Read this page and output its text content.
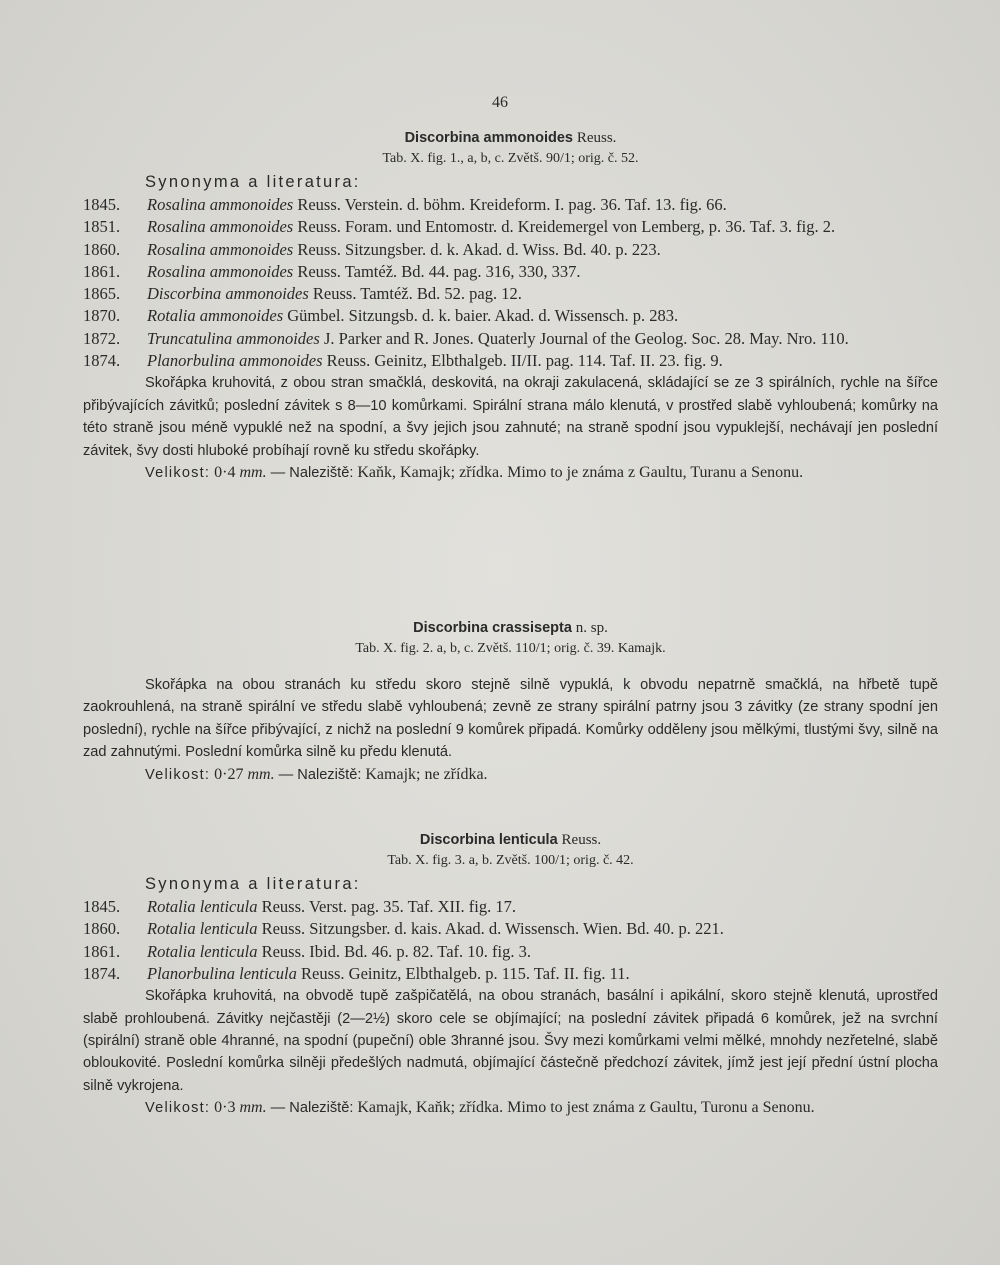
46
Discorbina ammonoides Reuss.
Tab. X. fig. 1., a, b, c. Zvětš. 90/1; orig. č. 52.
Synonyma a literatura:
1845.	Rosalina ammonoides Reuss. Verstein. d. böhm. Kreideform. I. pag. 36. Taf. 13. fig. 66.
1851.	Rosalina ammonoides Reuss. Foram. und Entomostr. d. Kreidemergel von Lemberg, p. 36. Taf. 3. fig. 2.
1860.	Rosalina ammonoides Reuss. Sitzungsber. d. k. Akad. d. Wiss. Bd. 40. p. 223.
1861.	Rosalina ammonoides Reuss. Tamtéž. Bd. 44. pag. 316, 330, 337.
1865.	Discorbina ammonoides Reuss. Tamtéž. Bd. 52. pag. 12.
1870.	Rotalia ammonoides Gümbel. Sitzungsb. d. k. baier. Akad. d. Wissensch. p. 283.
1872.	Truncatulina ammonoides J. Parker and R. Jones. Quaterly Journal of the Geolog. Soc. 28. May. Nro. 110.
1874.	Planorbulina ammonoides Reuss. Geinitz, Elbthalgeb. II/II. pag. 114. Taf. II. 23. fig. 9.

Skořápka kruhovitá, z obou stran smačklá, deskovitá, na okraji zakulacená, skládající se ze 3 spirálních, rychle na šířce přibývajících závitků; poslední závitek s 8—10 komůrkami. Spirální strana málo klenutá, v prostřed slabě vyhloubená; komůrky na této straně jsou méně vypuklé než na spodní, a švy jejich jsou zahnuté; na straně spodní jsou vypuklejší, nechávají jen poslední závitek, švy dosti hluboké probíhají rovně ku středu skořápky.

Velikost: 0·4 mm. — Naleziště: Kaňk, Kamajk; zřídka. Mimo to je známa z Gaultu, Turanu a Senonu.

Discorbina crassisepta n. sp.
Tab. X. fig. 2. a, b, c. Zvětš. 110/1; orig. č. 39. Kamajk.

Skořápka na obou stranách ku středu skoro stejně silně vypuklá, k obvodu nepatrně smačklá, na hřbetě tupě zaokrouhlená, na straně spirální ve středu slabě vyhloubená; zevně ze strany spirální patrny jsou 3 závitky (ze strany spodní jen poslední), rychle na šířce přibývající, z nichž na poslední 9 komůrek připadá. Komůrky odděleny jsou mělkými, tlustými švy, silně na zad zahnutými. Poslední komůrka silně ku předu klenutá.

Velikost: 0·27 mm. — Naleziště: Kamajk; ne zřídka.

Discorbina lenticula Reuss.
Tab. X. fig. 3. a, b. Zvětš. 100/1; orig. č. 42.
Synonyma a literatura:
1845.	Rotalia lenticula Reuss. Verst. pag. 35. Taf. XII. fig. 17.
1860.	Rotalia lenticula Reuss. Sitzungsber. d. kais. Akad. d. Wissensch. Wien. Bd. 40. p. 221.
1861.	Rotalia lenticula Reuss. Ibid. Bd. 46. p. 82. Taf. 10. fig. 3.
1874.	Planorbulina lenticula Reuss. Geinitz, Elbthalgeb. p. 115. Taf. II. fig. 11.

Skořápka kruhovitá, na obvodě tupě zašpičatělá, na obou stranách, basální i apikální, skoro stejně klenutá, uprostřed slabě prohloubená. Závitky nejčastěji (2—2½) skoro cele se objímající; na poslední závitek připadá 6 komůrek, jež na svrchní (spirální) straně oble 4hranné, na spodní (pupeční) oble 3hranné jsou. Švy mezi komůrkami velmi mělké, mnohdy nezřetelné, slabě obloukovité. Poslední komůrka silněji předešlých nadmutá, objímající částečně předchozí závitek, jímž jest její přední ústní plocha silně vykrojena.

Velikost: 0·3 mm. — Naleziště: Kamajk, Kaňk; zřídka. Mimo to jest známa z Gaultu, Turonu a Senonu.
